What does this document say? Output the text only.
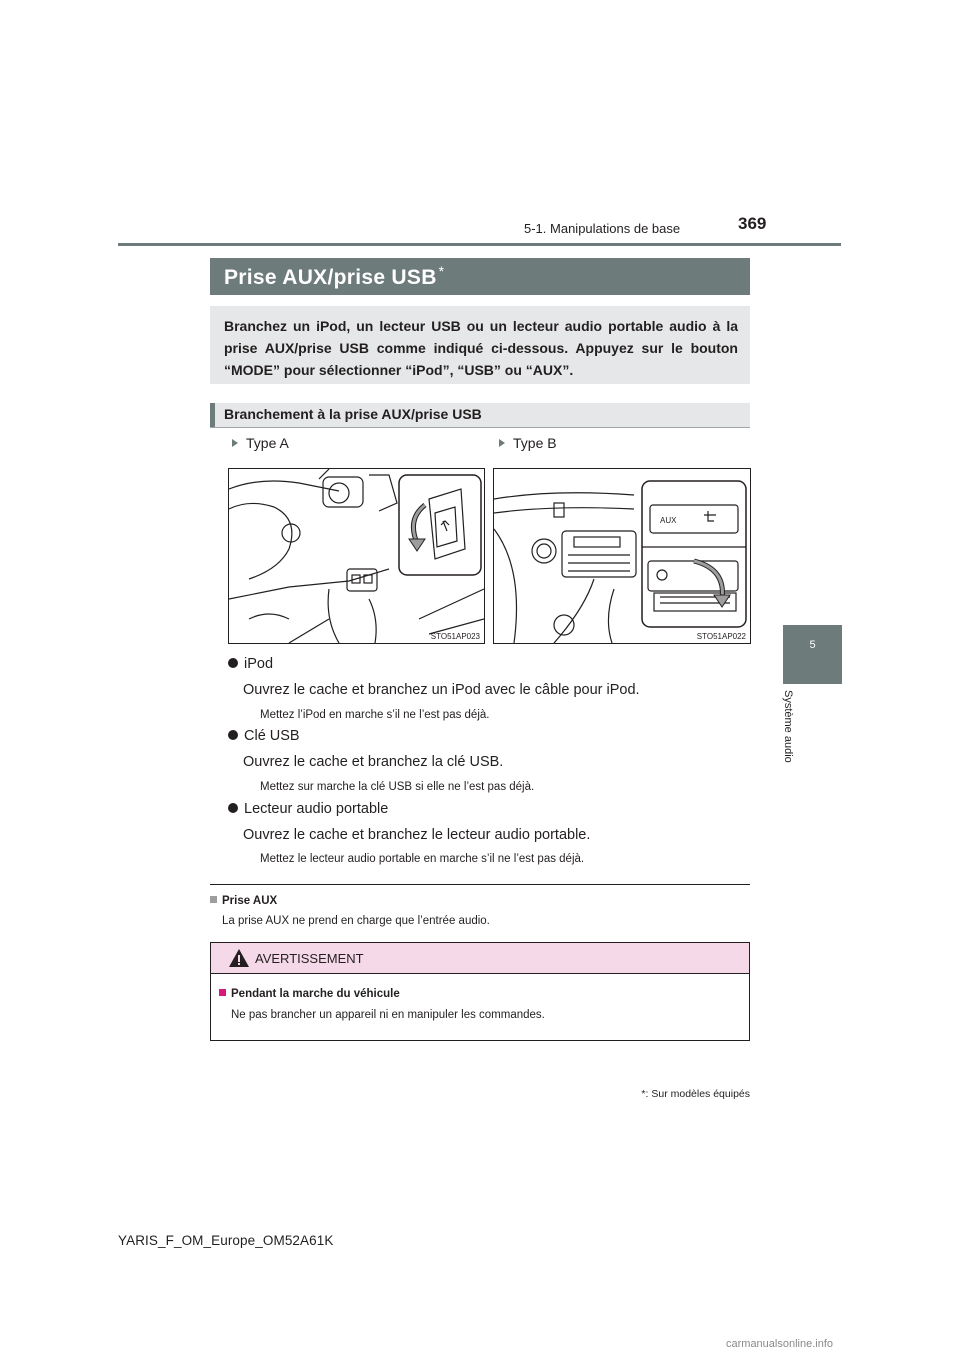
5-1. Manipulations de base	369
5
Système audio
Prise AUX/prise USB *

Branchez un iPod, un lecteur USB ou un lecteur audio portable audio à la prise AUX/prise USB comme indiqué ci-dessous. Appuyez sur le bouton “MODE” pour sélectionner “iPod”, “USB” ou “AUX”.

Branchement à la prise AUX/prise USB
Type A	Type B
STO51AP023
AUX
STO51AP022
iPod
Ouvrez le cache et branchez un iPod avec le câble pour iPod.
Mettez l’iPod en marche s’il ne l’est pas déjà.
Clé USB
Ouvrez le cache et branchez la clé USB.
Mettez sur marche la clé USB si elle ne l’est pas déjà.
Lecteur audio portable
Ouvrez le cache et branchez le lecteur audio portable.
Mettez le lecteur audio portable en marche s’il ne l’est pas déjà.
Prise AUX
La prise AUX ne prend en charge que l’entrée audio.
AVERTISSEMENT
Pendant la marche du véhicule
Ne pas brancher un appareil ni en manipuler les commandes.
*: Sur modèles équipés
YARIS_F_OM_Europe_OM52A61K
carmanualsonline.info
